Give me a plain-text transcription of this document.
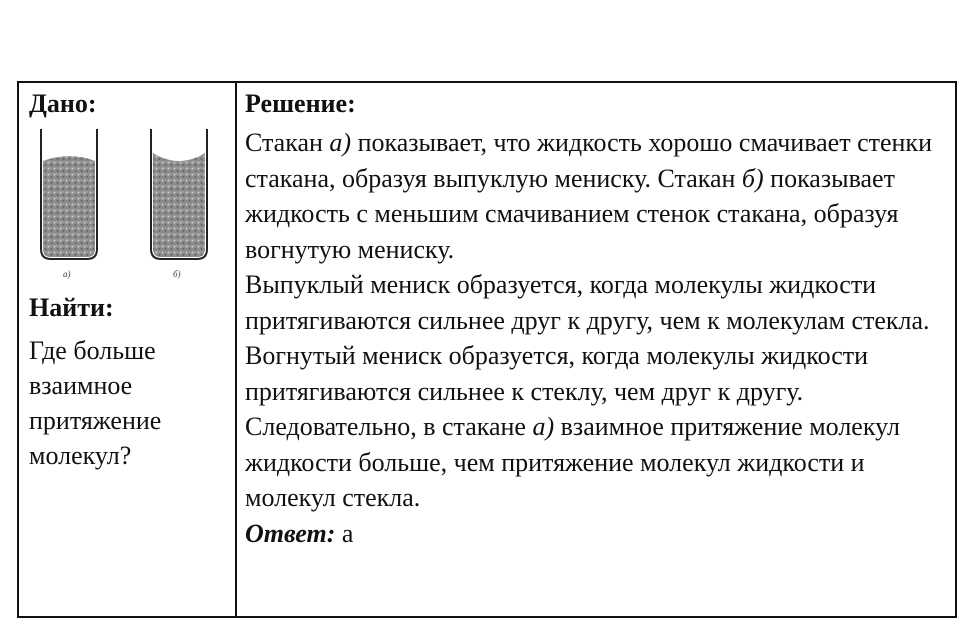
Дано:

а)	б)

Найти:

Где больше взаимное притяжение молекул?

Решение:

Стакан а) показывает, что жидкость хорошо смачивает стенки стакана, образуя выпуклую мениску. Стакан б) показывает жидкость с меньшим смачиванием стенок стакана, образуя вогнутую мениску.

Выпуклый мениск образуется, когда молекулы жидкости притягиваются сильнее друг к другу, чем к молекулам стекла. Вогнутый мениск образуется, когда молекулы жидкости притягиваются сильнее к стеклу, чем друг к другу.

Следовательно, в стакане а) взаимное притяжение молекул жидкости больше, чем притяжение молекул жидкости и молекул стекла.

Ответ: а
